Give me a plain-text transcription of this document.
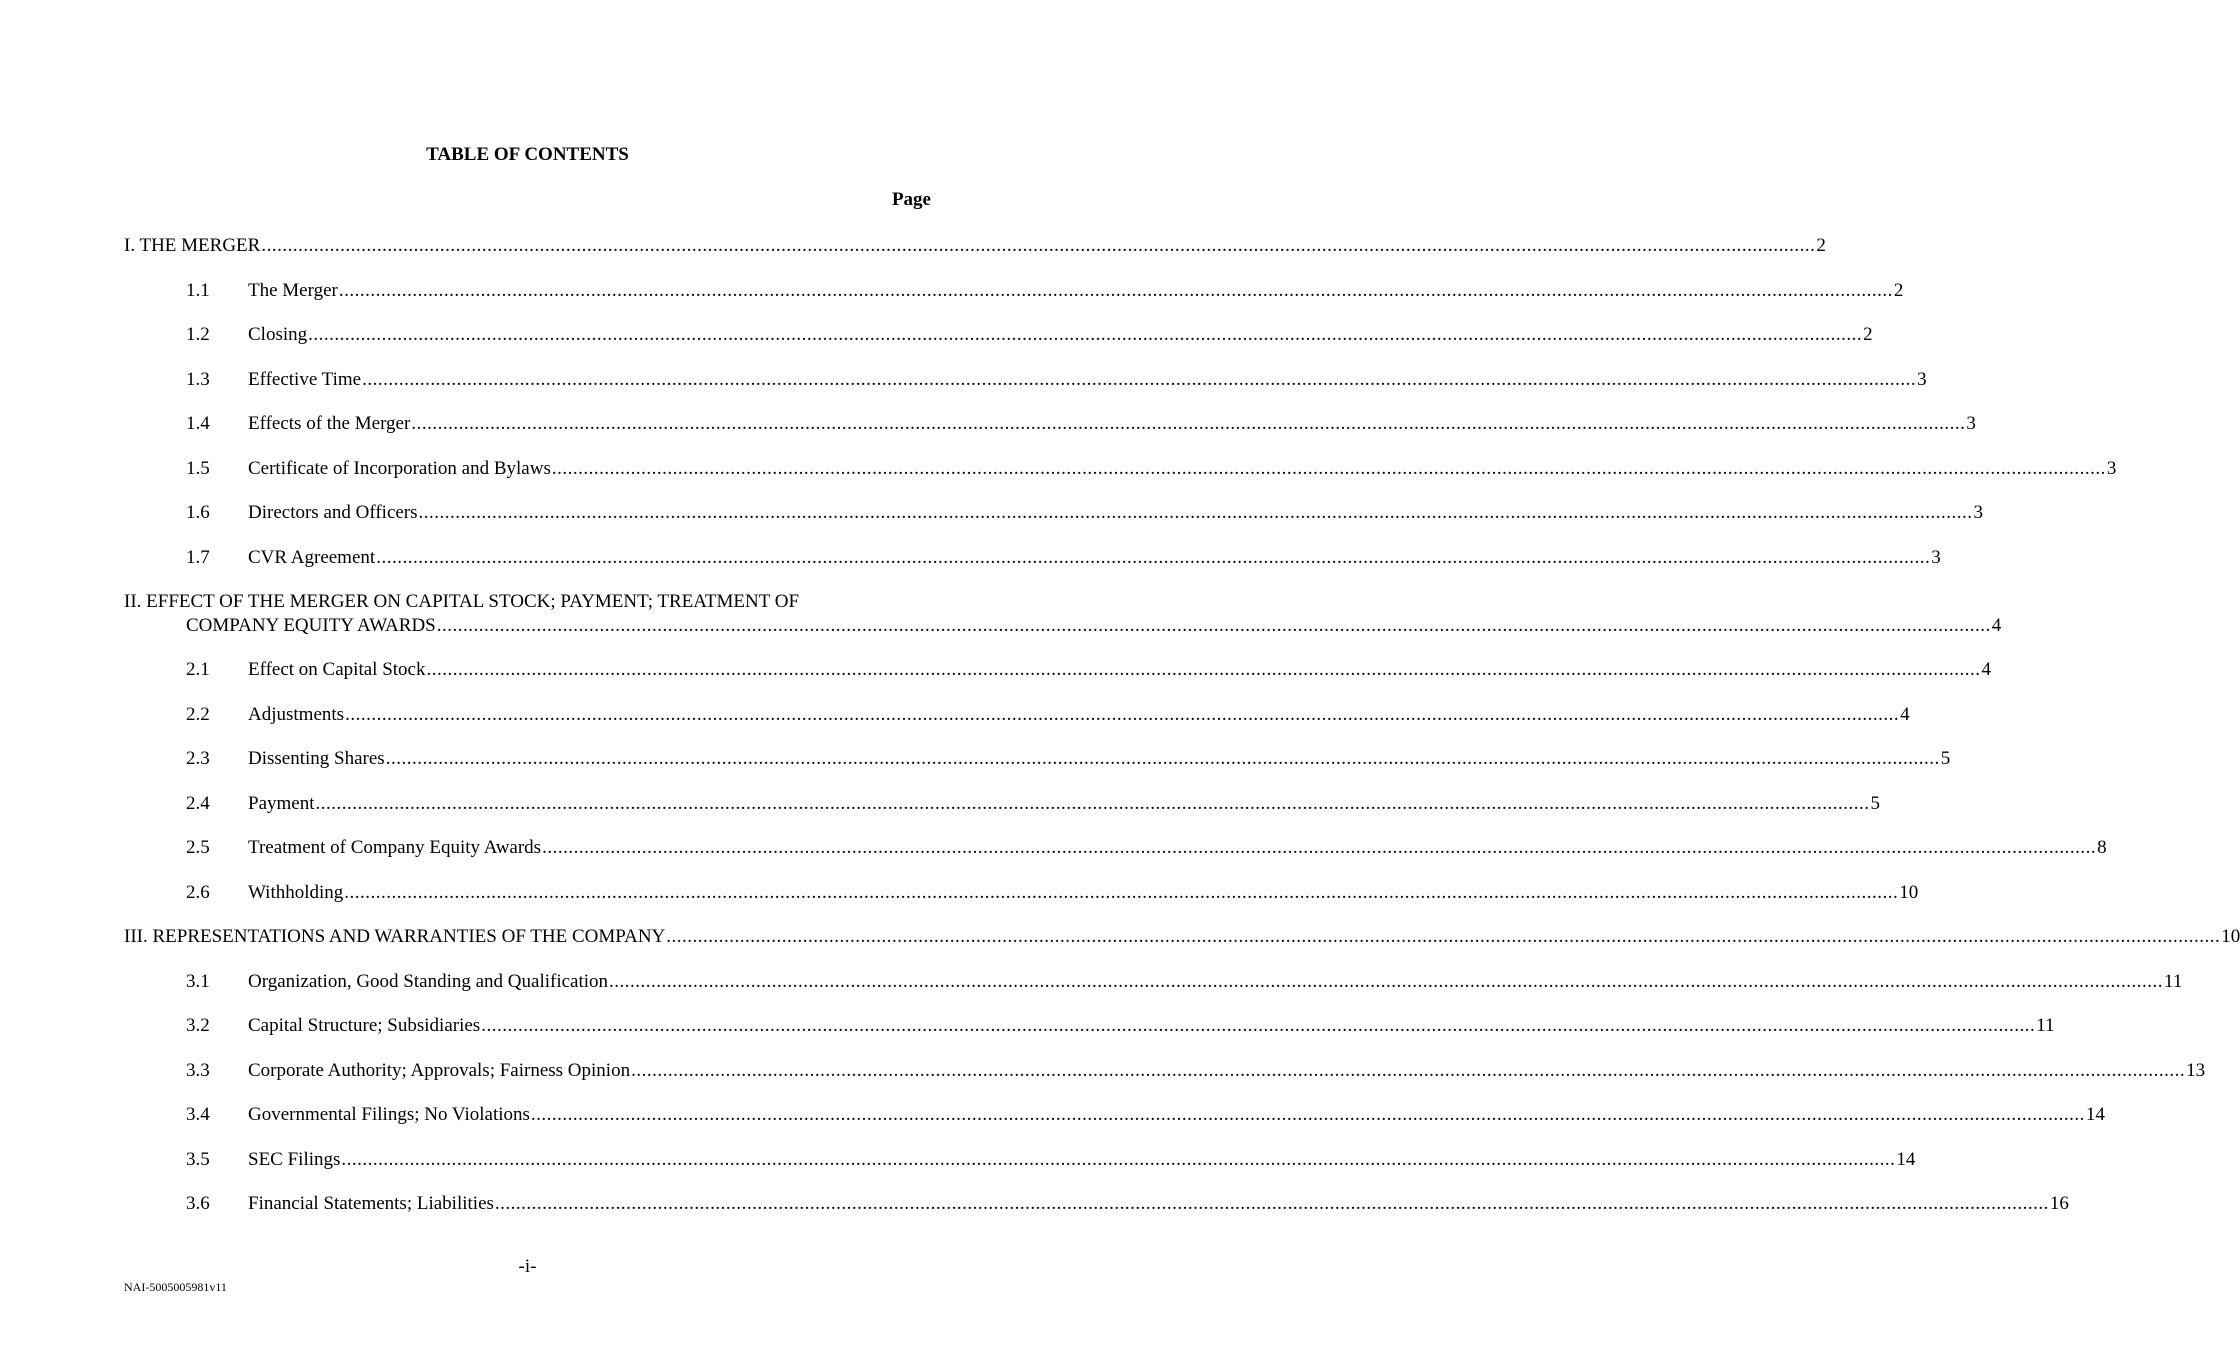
TABLE OF CONTENTS
Page
I. THE MERGER ........................................................................................................................................................................................................................................................................................................ 2
1.1	The Merger ........................................................................................................................................................................................................................................................................................................ 2
1.2	Closing ........................................................................................................................................................................................................................................................................................................ 2
1.3	Effective Time ........................................................................................................................................................................................................................................................................................................ 3
1.4	Effects of the Merger ........................................................................................................................................................................................................................................................................................................ 3
1.5	Certificate of Incorporation and Bylaws ........................................................................................................................................................................................................................................................................................................ 3
1.6	Directors and Officers ........................................................................................................................................................................................................................................................................................................ 3
1.7	CVR Agreement ........................................................................................................................................................................................................................................................................................................ 3
II. EFFECT OF THE MERGER ON CAPITAL STOCK; PAYMENT; TREATMENT OF
COMPANY EQUITY AWARDS ........................................................................................................................................................................................................................................................................................................ 4
2.1	Effect on Capital Stock ........................................................................................................................................................................................................................................................................................................ 4
2.2	Adjustments ........................................................................................................................................................................................................................................................................................................ 4
2.3	Dissenting Shares ........................................................................................................................................................................................................................................................................................................ 5
2.4	Payment ........................................................................................................................................................................................................................................................................................................ 5
2.5	Treatment of Company Equity Awards ........................................................................................................................................................................................................................................................................................................ 8
2.6	Withholding ........................................................................................................................................................................................................................................................................................................ 10
III. REPRESENTATIONS AND WARRANTIES OF THE COMPANY ........................................................................................................................................................................................................................................................................................................ 10
3.1	Organization, Good Standing and Qualification ........................................................................................................................................................................................................................................................................................................ 11
3.2	Capital Structure; Subsidiaries ........................................................................................................................................................................................................................................................................................................ 11
3.3	Corporate Authority; Approvals; Fairness Opinion ........................................................................................................................................................................................................................................................................................................ 13
3.4	Governmental Filings; No Violations ........................................................................................................................................................................................................................................................................................................ 14
3.5	SEC Filings ........................................................................................................................................................................................................................................................................................................ 14
3.6	Financial Statements; Liabilities ........................................................................................................................................................................................................................................................................................................ 16
-i-
NAI-5005005981v11
